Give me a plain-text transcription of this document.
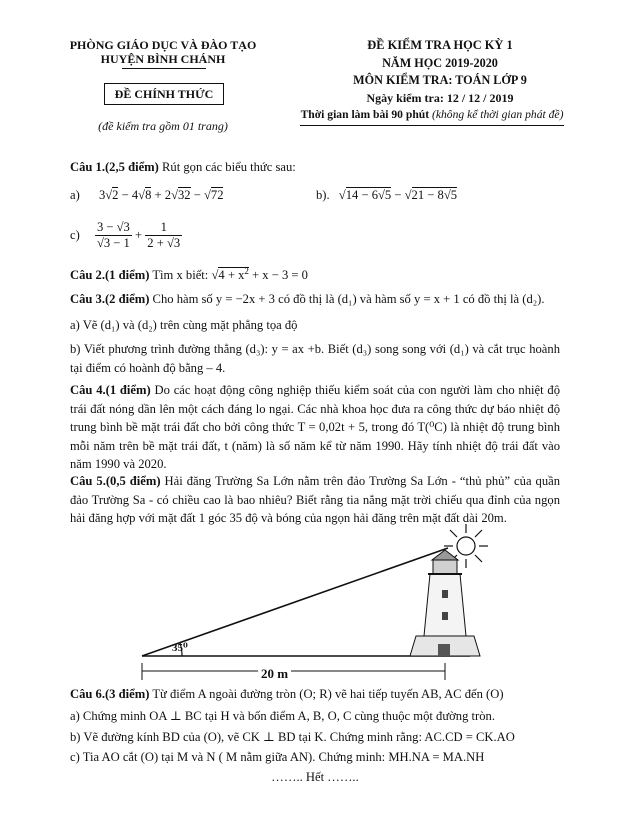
PHÒNG GIÁO DỤC VÀ ĐÀO TẠO
HUYỆN BÌNH CHÁNH
ĐỀ CHÍNH THỨC
(đề kiểm tra gồm 01 trang)
ĐỀ KIỂM TRA HỌC KỲ 1
NĂM HỌC 2019-2020
MÔN KIỂM TRA: TOÁN LỚP 9
Ngày kiểm tra: 12 / 12 / 2019
Thời gian làm bài 90 phút (không kể thời gian phát đề)
Câu 1.(2,5 điểm) Rút gọn các biểu thức sau:
a) 3√2 − 4√8 + 2√32 − √72	b). √14 − 6√5 − √21 − 8√5
$c) \frac{3 - √3}{√3 - 1} + \frac{1}{2 + √3}$
Câu 2.(1 điểm) Tìm x biết: $√4 + x^2 + x - 3 = 0$
Câu 3.(2 điểm) Cho hàm số y = −2x + 3 có đồ thị là (d₁) và hàm số y = x + 1 có đồ thị là (d₂).
a) Vẽ (d₁) và (d₂) trên cùng mặt phẳng tọa độ
b) Viết phương trình đường thẳng (d₃): y = ax +b. Biết (d₃) song song với (d₁) và cắt trục hoành tại điểm có hoành độ bằng – 4.
Câu 4.(1 điểm) Do các hoạt động công nghiệp thiếu kiểm soát của con người làm cho nhiệt độ trái đất nóng dần lên một cách đáng lo ngại. Các nhà khoa học đưa ra công thức dự báo nhiệt độ trung bình bề mặt trái đất cho bởi công thức T = 0,02t + 5, trong đó T(⁰C) là nhiệt độ trung bình mỗi năm trên bề mặt trái đất, t (năm) là số năm kể từ năm 1990. Hãy tính nhiệt độ trái đất vào năm 1990 và 2020.
Câu 5.(0,5 điểm) Hải đăng Trường Sa Lớn nằm trên đảo Trường Sa Lớn - “thủ phủ” của quần đảo Trường Sa - có chiều cao là bao nhiêu? Biết rằng tia nắng mặt trời chiếu qua đỉnh của ngọn hải đăng hợp với mặt đất 1 góc 35 độ và bóng của ngọn hải đăng trên mặt đất dài 20m.
35⁰
20 m
Câu 6.(3 điểm) Từ điểm A ngoài đường tròn (O; R) vẽ hai tiếp tuyến AB, AC đến (O)
a) Chứng minh OA ⊥ BC tại H và bốn điểm A, B, O, C cùng thuộc một đường tròn.
b) Vẽ đường kính BD của (O), vẽ CK ⊥ BD tại K. Chứng minh rằng: AC.CD = CK.AO
c) Tia AO cắt (O) tại M và N ( M nằm giữa AN). Chứng minh: MH.NA = MA.NH
…….. Hết ……..
